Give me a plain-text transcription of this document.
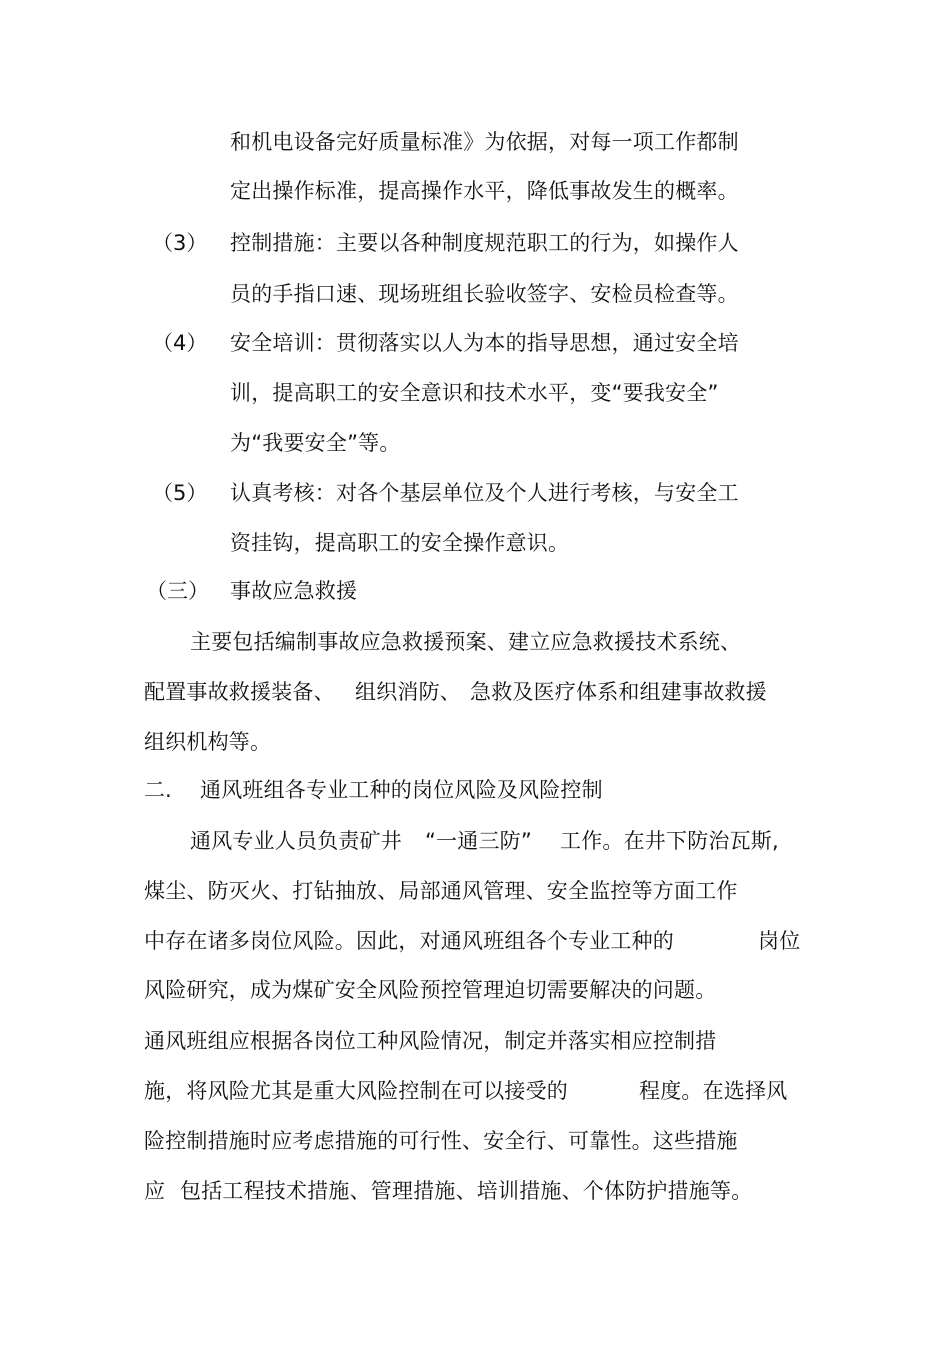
和机电设备完好质量标准》为依据，对每一项工作都制
定出操作标准，提高操作水平，降低事故发生的概率。
（3） 控制措施：主要以各种制度规范职工的行为，如操作人
员的手指口速、现场班组长验收签字、安检员检查等。
（4） 安全培训：贯彻落实以人为本的指导思想，通过安全培
训，提高职工的安全意识和技术水平，变“要我安全”
为“我要安全”等。
（5） 认真考核：对各个基层单位及个人进行考核，与安全工
资挂钩，提高职工的安全操作意识。
（三） 事故应急救援
主要包括编制事故应急救援预案、建立应急救援技术系统、
配置事故救援装备、 组织消防、 急救及医疗体系和组建事故救援
组织机构等。
二. 通风班组各专业工种的岗位风险及风险控制
通风专业人员负责矿井 “一通三防” 工作。在井下防治瓦斯,
煤尘、防灭火、打钻抽放、局部通风管理、安全监控等方面工作
中存在诸多岗位风险。因此，对通风班组各个专业工种的	岗位
风险研究，成为煤矿安全风险预控管理迫切需要解决的问题。
通风班组应根据各岗位工种风险情况，制定并落实相应控制措
施，将风险尤其是重大风险控制在可以接受的	程度。在选择风
险控制措施时应考虑措施的可行性、安全行、可靠性。这些措施
应 包括工程技术措施、管理措施、培训措施、个体防护措施等。
